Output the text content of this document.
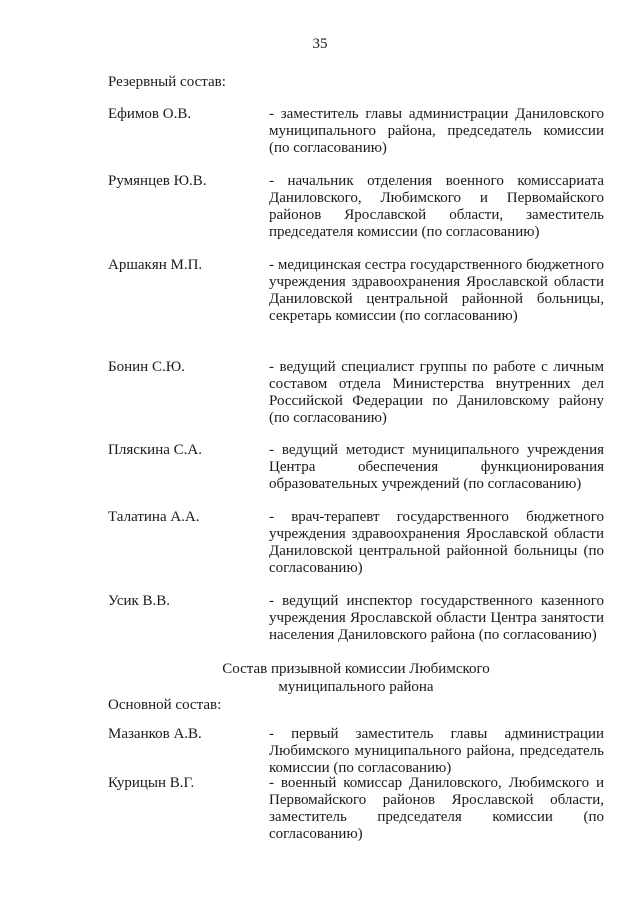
35
Резервный состав:
Ефимов О.В.	- заместитель главы администрации Даниловского муниципального района, председатель комиссии (по согласованию)
Румянцев Ю.В.	- начальник отделения военного комиссариата Даниловского, Любимского и Первомайского районов Ярославской области, заместитель председателя комиссии (по согласованию)
Аршакян М.П.	- медицинская сестра государственного бюджетного учреждения здравоохранения Ярославской области Даниловской центральной районной больницы, секретарь комиссии (по согласованию)
Бонин С.Ю.	- ведущий специалист группы по работе с личным составом отдела Министерства внутренних дел Российской Федерации по Даниловскому району (по согласованию)
Пляскина С.А.	- ведущий методист муниципального учреждения Центра обеспечения функционирования образовательных учреждений (по согласованию)
Талатина А.А.	- врач-терапевт государственного бюджетного учреждения здравоохранения Ярославской области Даниловской центральной районной больницы (по согласованию)
Усик В.В.	- ведущий инспектор государственного казенного учреждения Ярославской области Центра занятости населения Даниловского района (по согласованию)
Состав призывной комиссии Любимского
муниципального района
Основной состав:
Мазанков А.В.	- первый заместитель главы администрации Любимского муниципального района, председатель комиссии (по согласованию)
Курицын В.Г.	- военный комиссар Даниловского, Любимского и Первомайского районов Ярославской области, заместитель председателя комиссии (по согласованию)
